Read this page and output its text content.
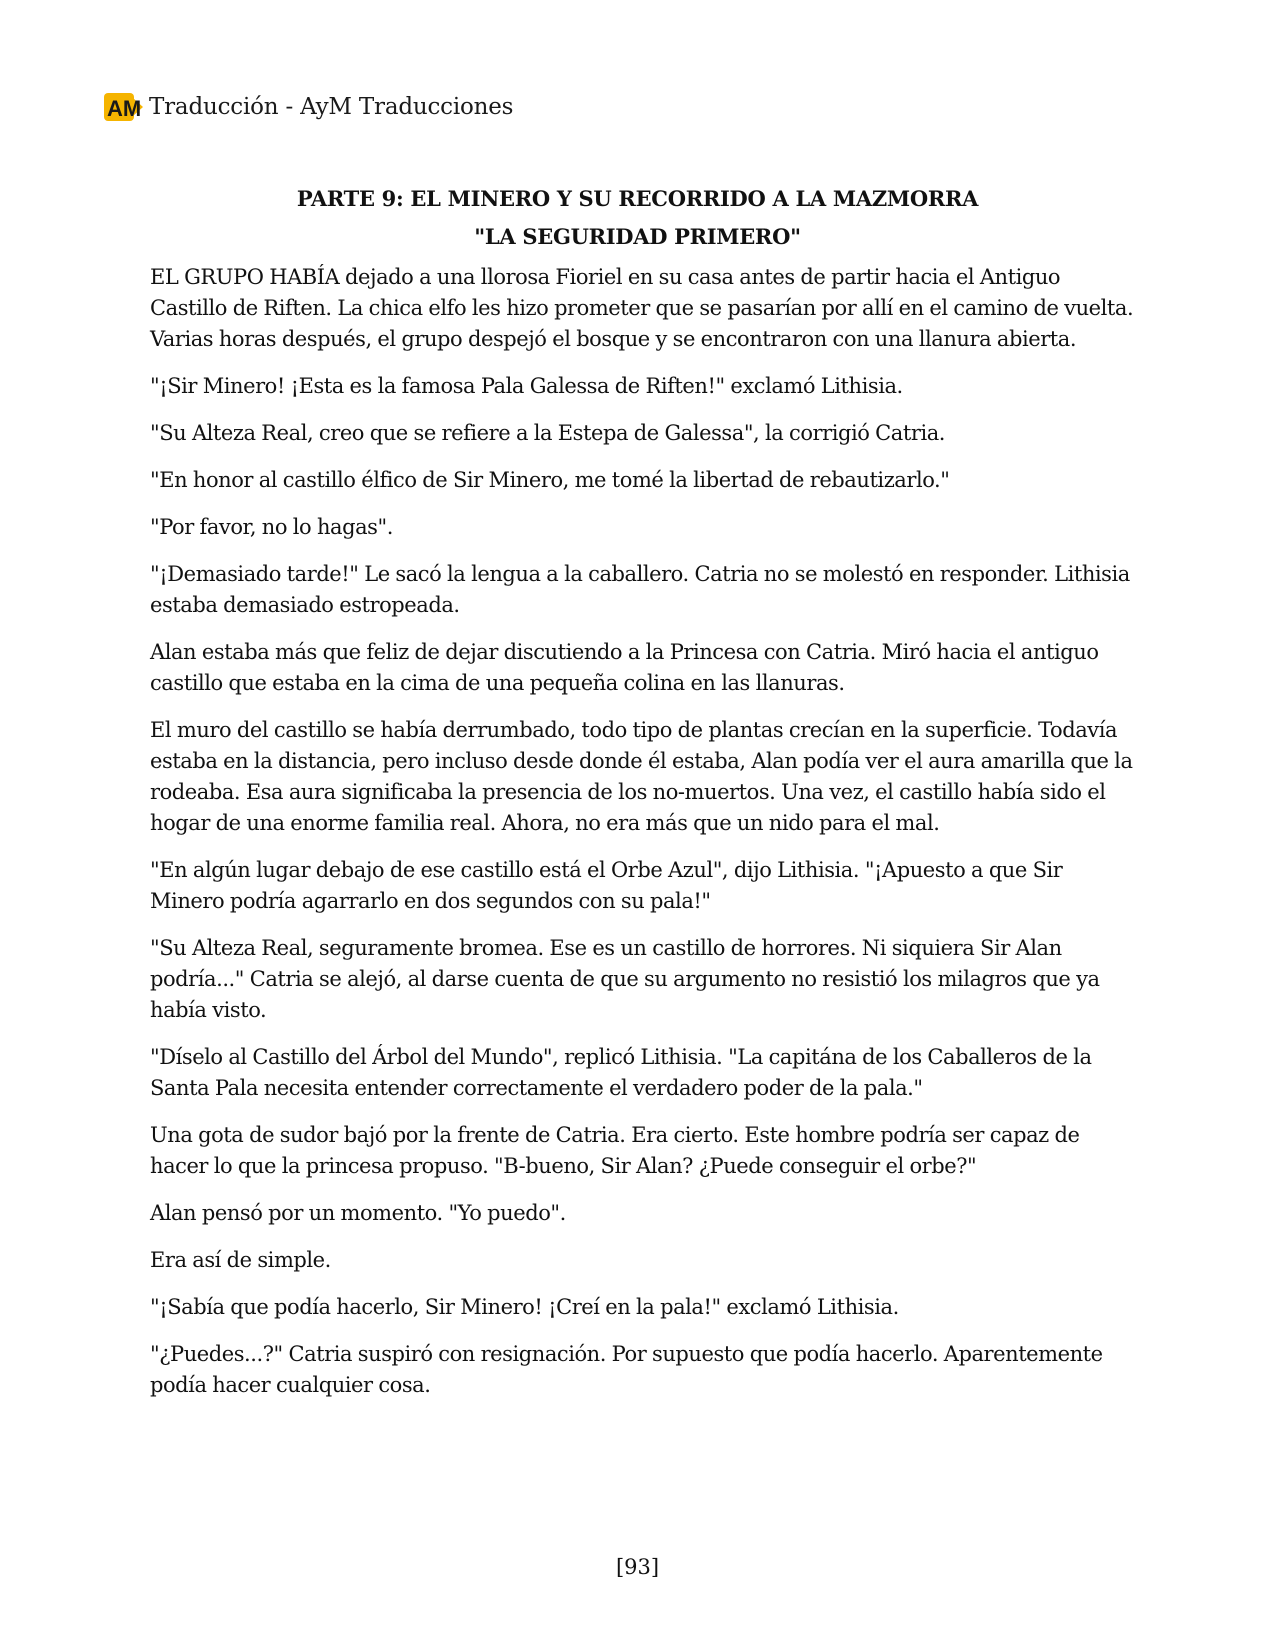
AM Traducción - AyM Traducciones
PARTE 9: EL MINERO Y SU RECORRIDO A LA MAZMORRA
"LA SEGURIDAD PRIMERO"

EL GRUPO HABÍA dejado a una llorosa Fioriel en su casa antes de partir hacia el Antiguo Castillo de Riften. La chica elfo les hizo prometer que se pasarían por allí en el camino de vuelta. Varias horas después, el grupo despejó el bosque y se encontraron con una llanura abierta.

"¡Sir Minero! ¡Esta es la famosa Pala Galessa de Riften!" exclamó Lithisia.

"Su Alteza Real, creo que se refiere a la Estepa de Galessa", la corrigió Catria.

"En honor al castillo élfico de Sir Minero, me tomé la libertad de rebautizarlo."

"Por favor, no lo hagas".

"¡Demasiado tarde!" Le sacó la lengua a la caballero. Catria no se molestó en responder. Lithisia estaba demasiado estropeada.

Alan estaba más que feliz de dejar discutiendo a la Princesa con Catria. Miró hacia el antiguo castillo que estaba en la cima de una pequeña colina en las llanuras.

El muro del castillo se había derrumbado, todo tipo de plantas crecían en la superficie. Todavía estaba en la distancia, pero incluso desde donde él estaba, Alan podía ver el aura amarilla que la rodeaba. Esa aura significaba la presencia de los no-muertos. Una vez, el castillo había sido el hogar de una enorme familia real. Ahora, no era más que un nido para el mal.

"En algún lugar debajo de ese castillo está el Orbe Azul", dijo Lithisia. "¡Apuesto a que Sir Minero podría agarrarlo en dos segundos con su pala!"

"Su Alteza Real, seguramente bromea. Ese es un castillo de horrores. Ni siquiera Sir Alan podría..." Catria se alejó, al darse cuenta de que su argumento no resistió los milagros que ya había visto.

"Díselo al Castillo del Árbol del Mundo", replicó Lithisia. "La capitána de los Caballeros de la Santa Pala necesita entender correctamente el verdadero poder de la pala."

Una gota de sudor bajó por la frente de Catria. Era cierto. Este hombre podría ser capaz de hacer lo que la princesa propuso. "B-bueno, Sir Alan? ¿Puede conseguir el orbe?"

Alan pensó por un momento. "Yo puedo".

Era así de simple.

"¡Sabía que podía hacerlo, Sir Minero! ¡Creí en la pala!" exclamó Lithisia.

"¿Puedes...?" Catria suspiró con resignación. Por supuesto que podía hacerlo. Aparentemente podía hacer cualquier cosa.

[93]
